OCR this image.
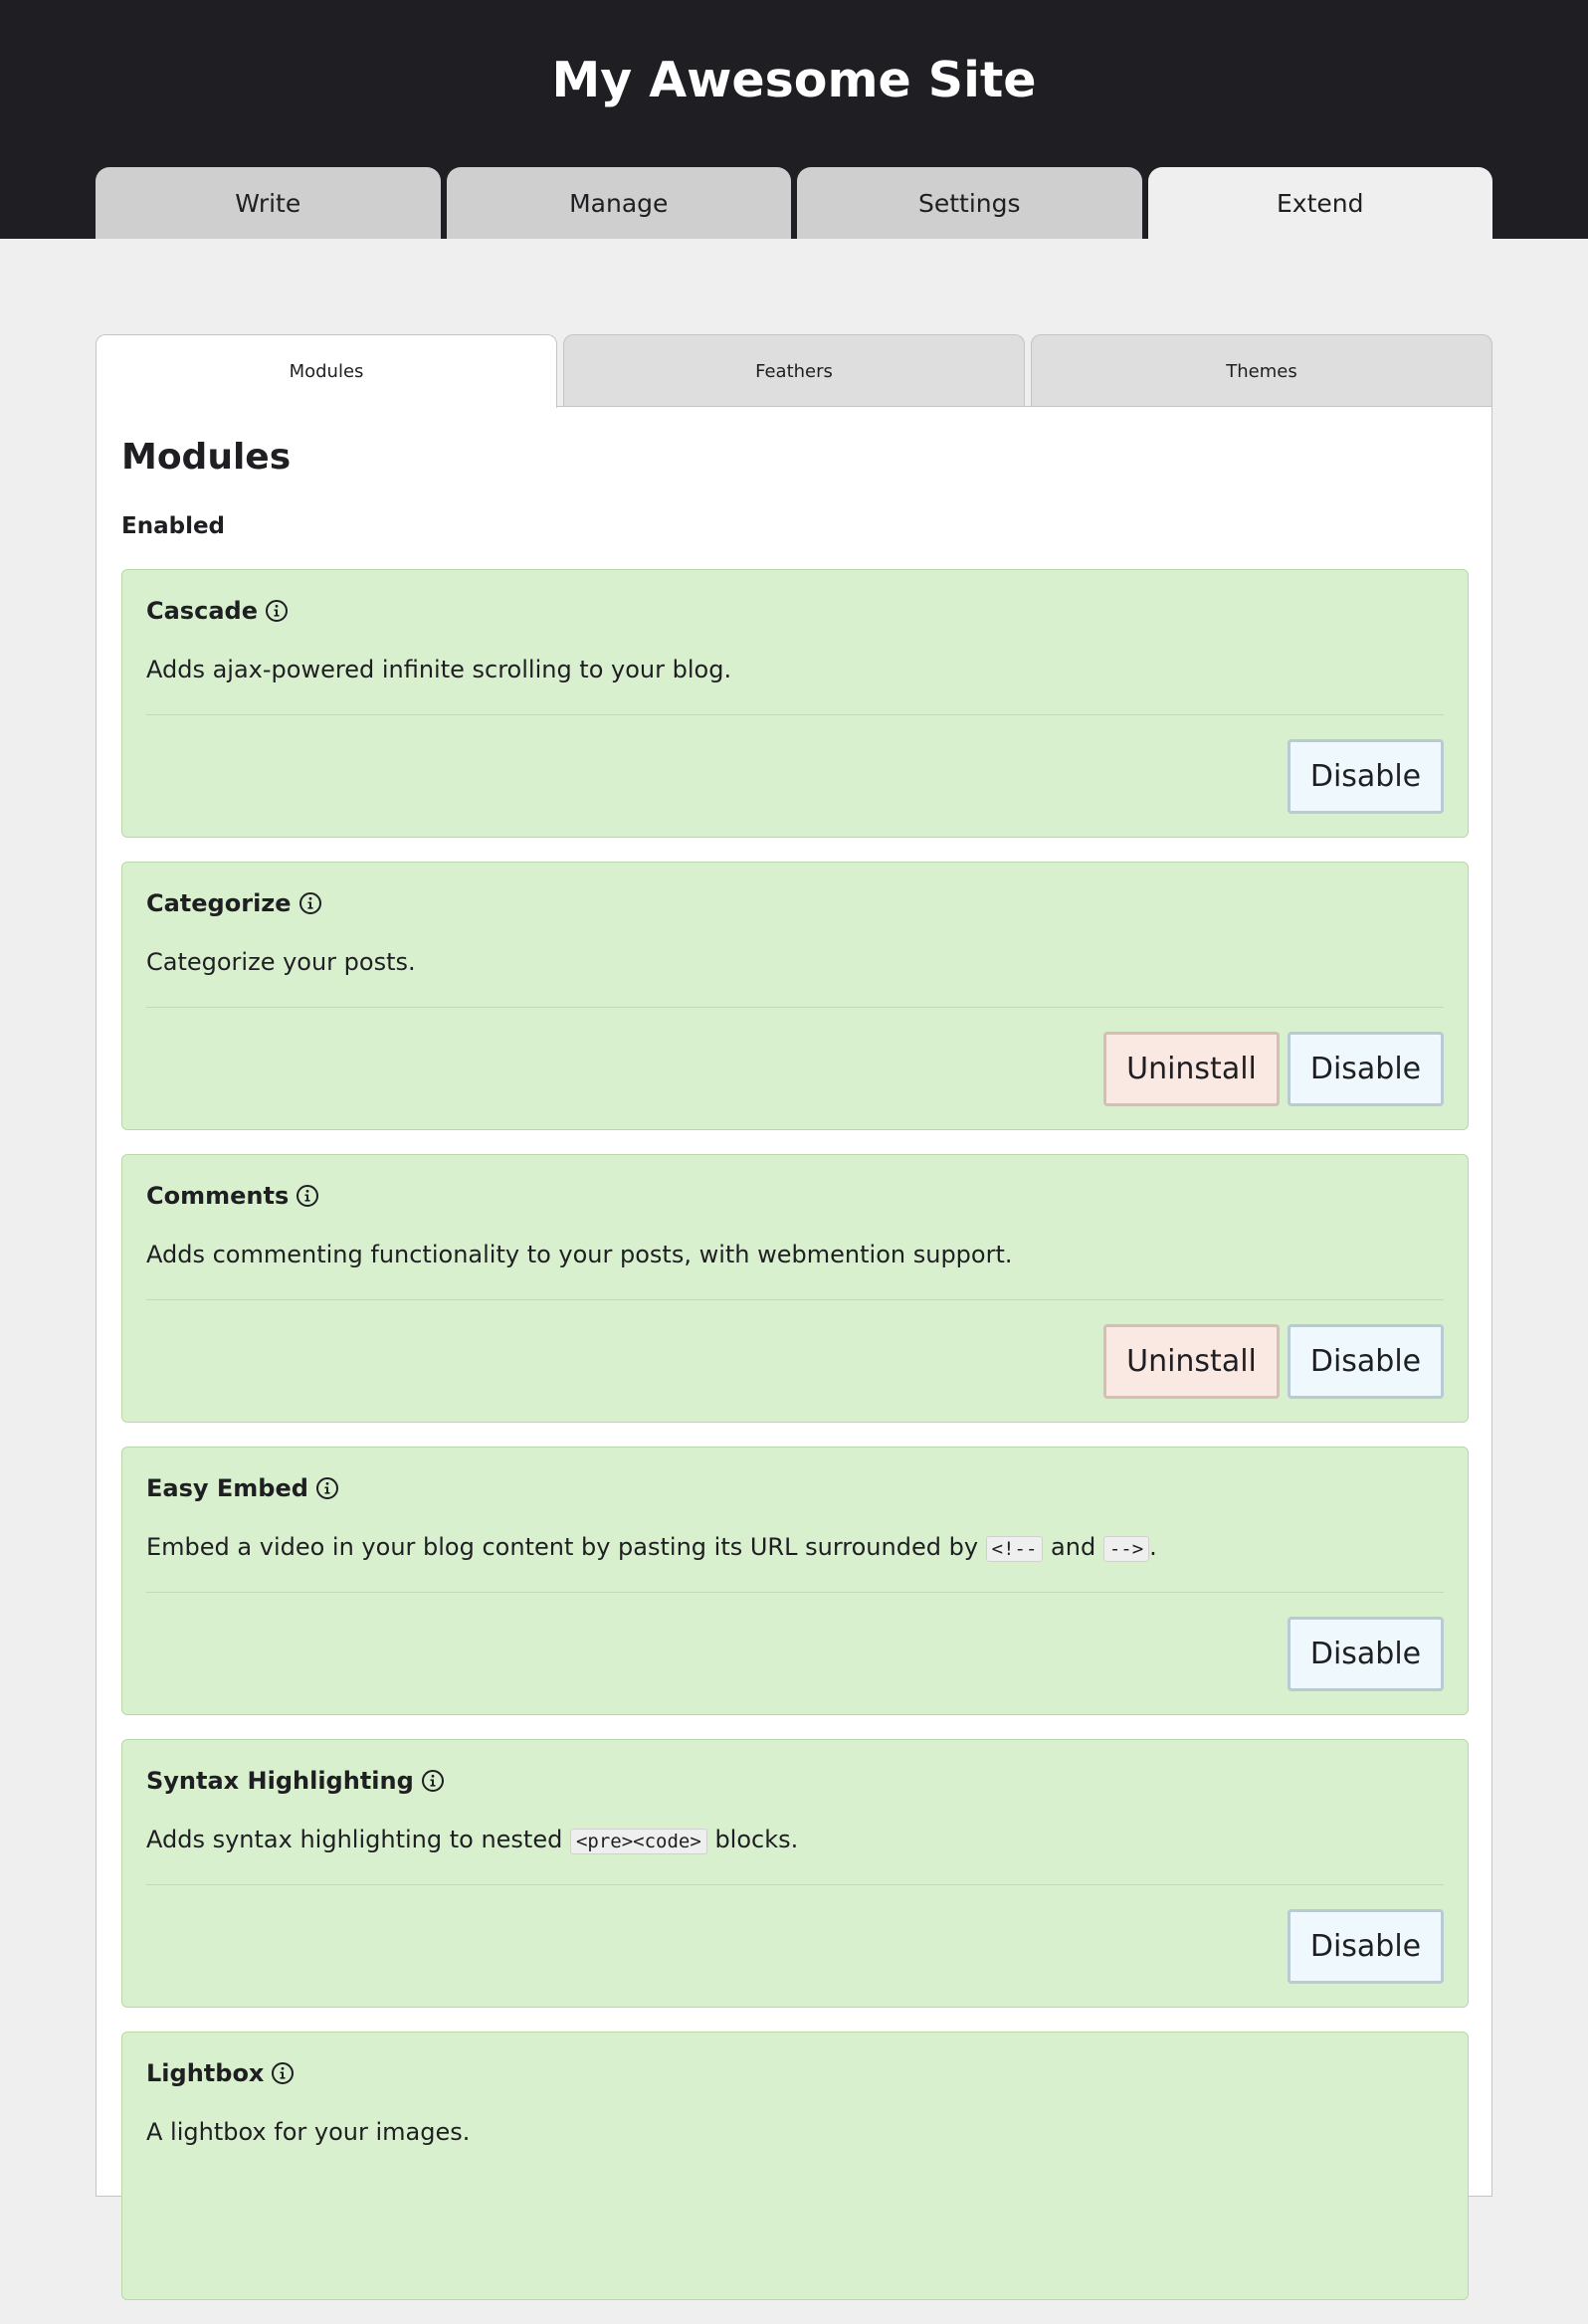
My Awesome Site
Write	Manage	Settings	Extend
Modules	Feathers	Themes
Modules
Enabled
Cascade
Adds ajax-powered infinite scrolling to your blog.
Disable
Categorize
Categorize your posts.
Uninstall	Disable
Comments
Adds commenting functionality to your posts, with webmention support.
Uninstall	Disable
Easy Embed
Embed a video in your blog content by pasting its URL surrounded by <!-- and --> .
Disable
Syntax Highlighting
Adds syntax highlighting to nested <pre><code> blocks.
Disable
Lightbox
A lightbox for your images.
